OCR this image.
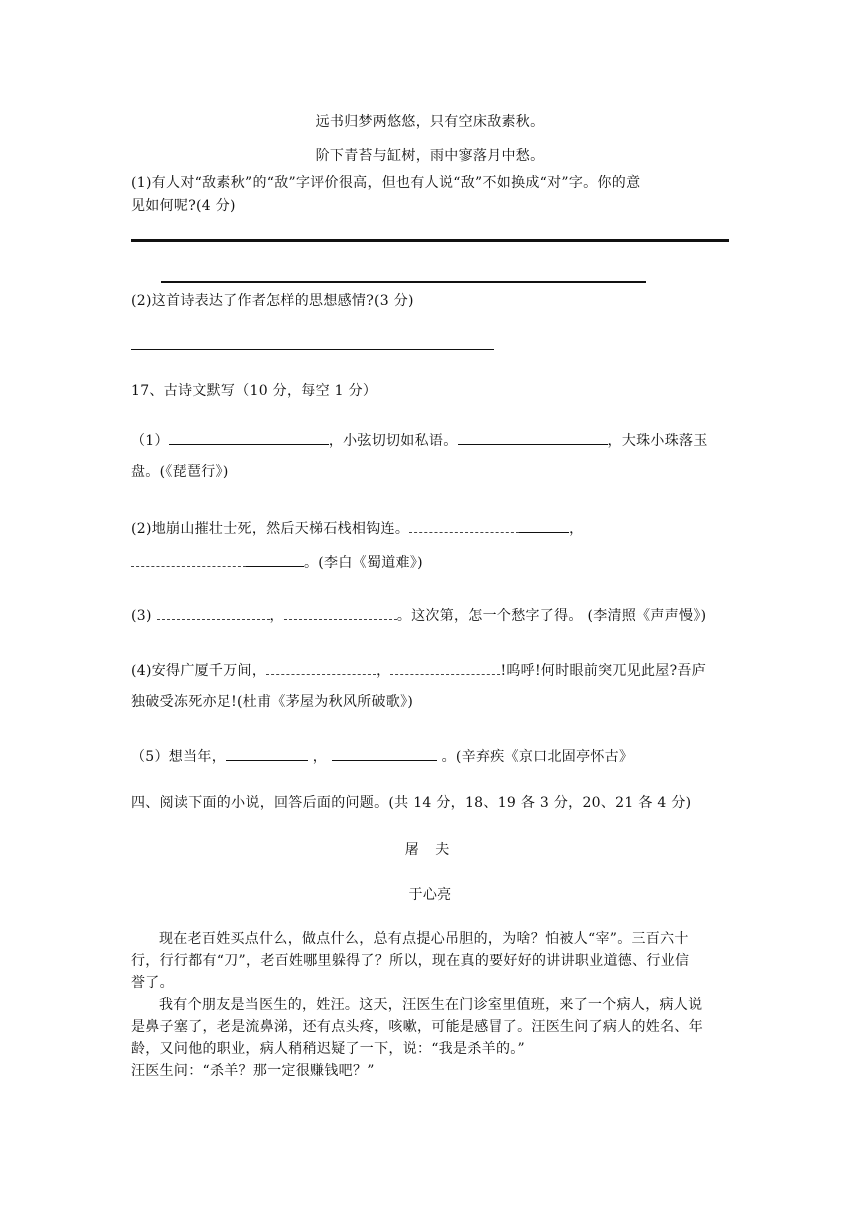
远书归梦两悠悠，只有空床敌素秋。
阶下青苔与缸树，雨中寥落月中愁。
(1)有人对“敌素秋”的“敌”字评价很高，但也有人说“敌”不如换成“对”字。你的意
见如何呢?(4 分)
(2)这首诗表达了作者怎样的思想感情?(3 分)
17、古诗文默写（10 分，每空 1 分）
（1）	，小弦切切如私语。	，大珠小珠落玉
盘。(《琵琶行》)
(2)地崩山摧壮士死，然后天梯石栈相钩连。	，
。(李白《蜀道难》)
(3)	，	。这次第，怎一个愁字了得。 (李清照《声声慢》)
(4)安得广厦千万间，	，	!呜呼!何时眼前突兀见此屋?吾庐
独破受冻死亦足!(杜甫《茅屋为秋风所破歌》)
（5）想当年，	，	。(辛弃疾《京口北固亭怀古》
四、阅读下面的小说，回答后面的问题。(共 14 分，18、19 各 3 分，20、21 各 4 分)
屠 夫
于心亮
现在老百姓买点什么，做点什么，总有点提心吊胆的，为啥？怕被人“宰”。三百六十
行，行行都有“刀”，老百姓哪里躲得了？所以，现在真的要好好的讲讲职业道德、行业信
誉了。
我有个朋友是当医生的，姓汪。这天，汪医生在门诊室里值班，来了一个病人，病人说
是鼻子塞了，老是流鼻涕，还有点头疼，咳嗽，可能是感冒了。汪医生问了病人的姓名、年
龄，又问他的职业，病人稍稍迟疑了一下，说：“我是杀羊的。”
汪医生问：“杀羊？那一定很赚钱吧？”
